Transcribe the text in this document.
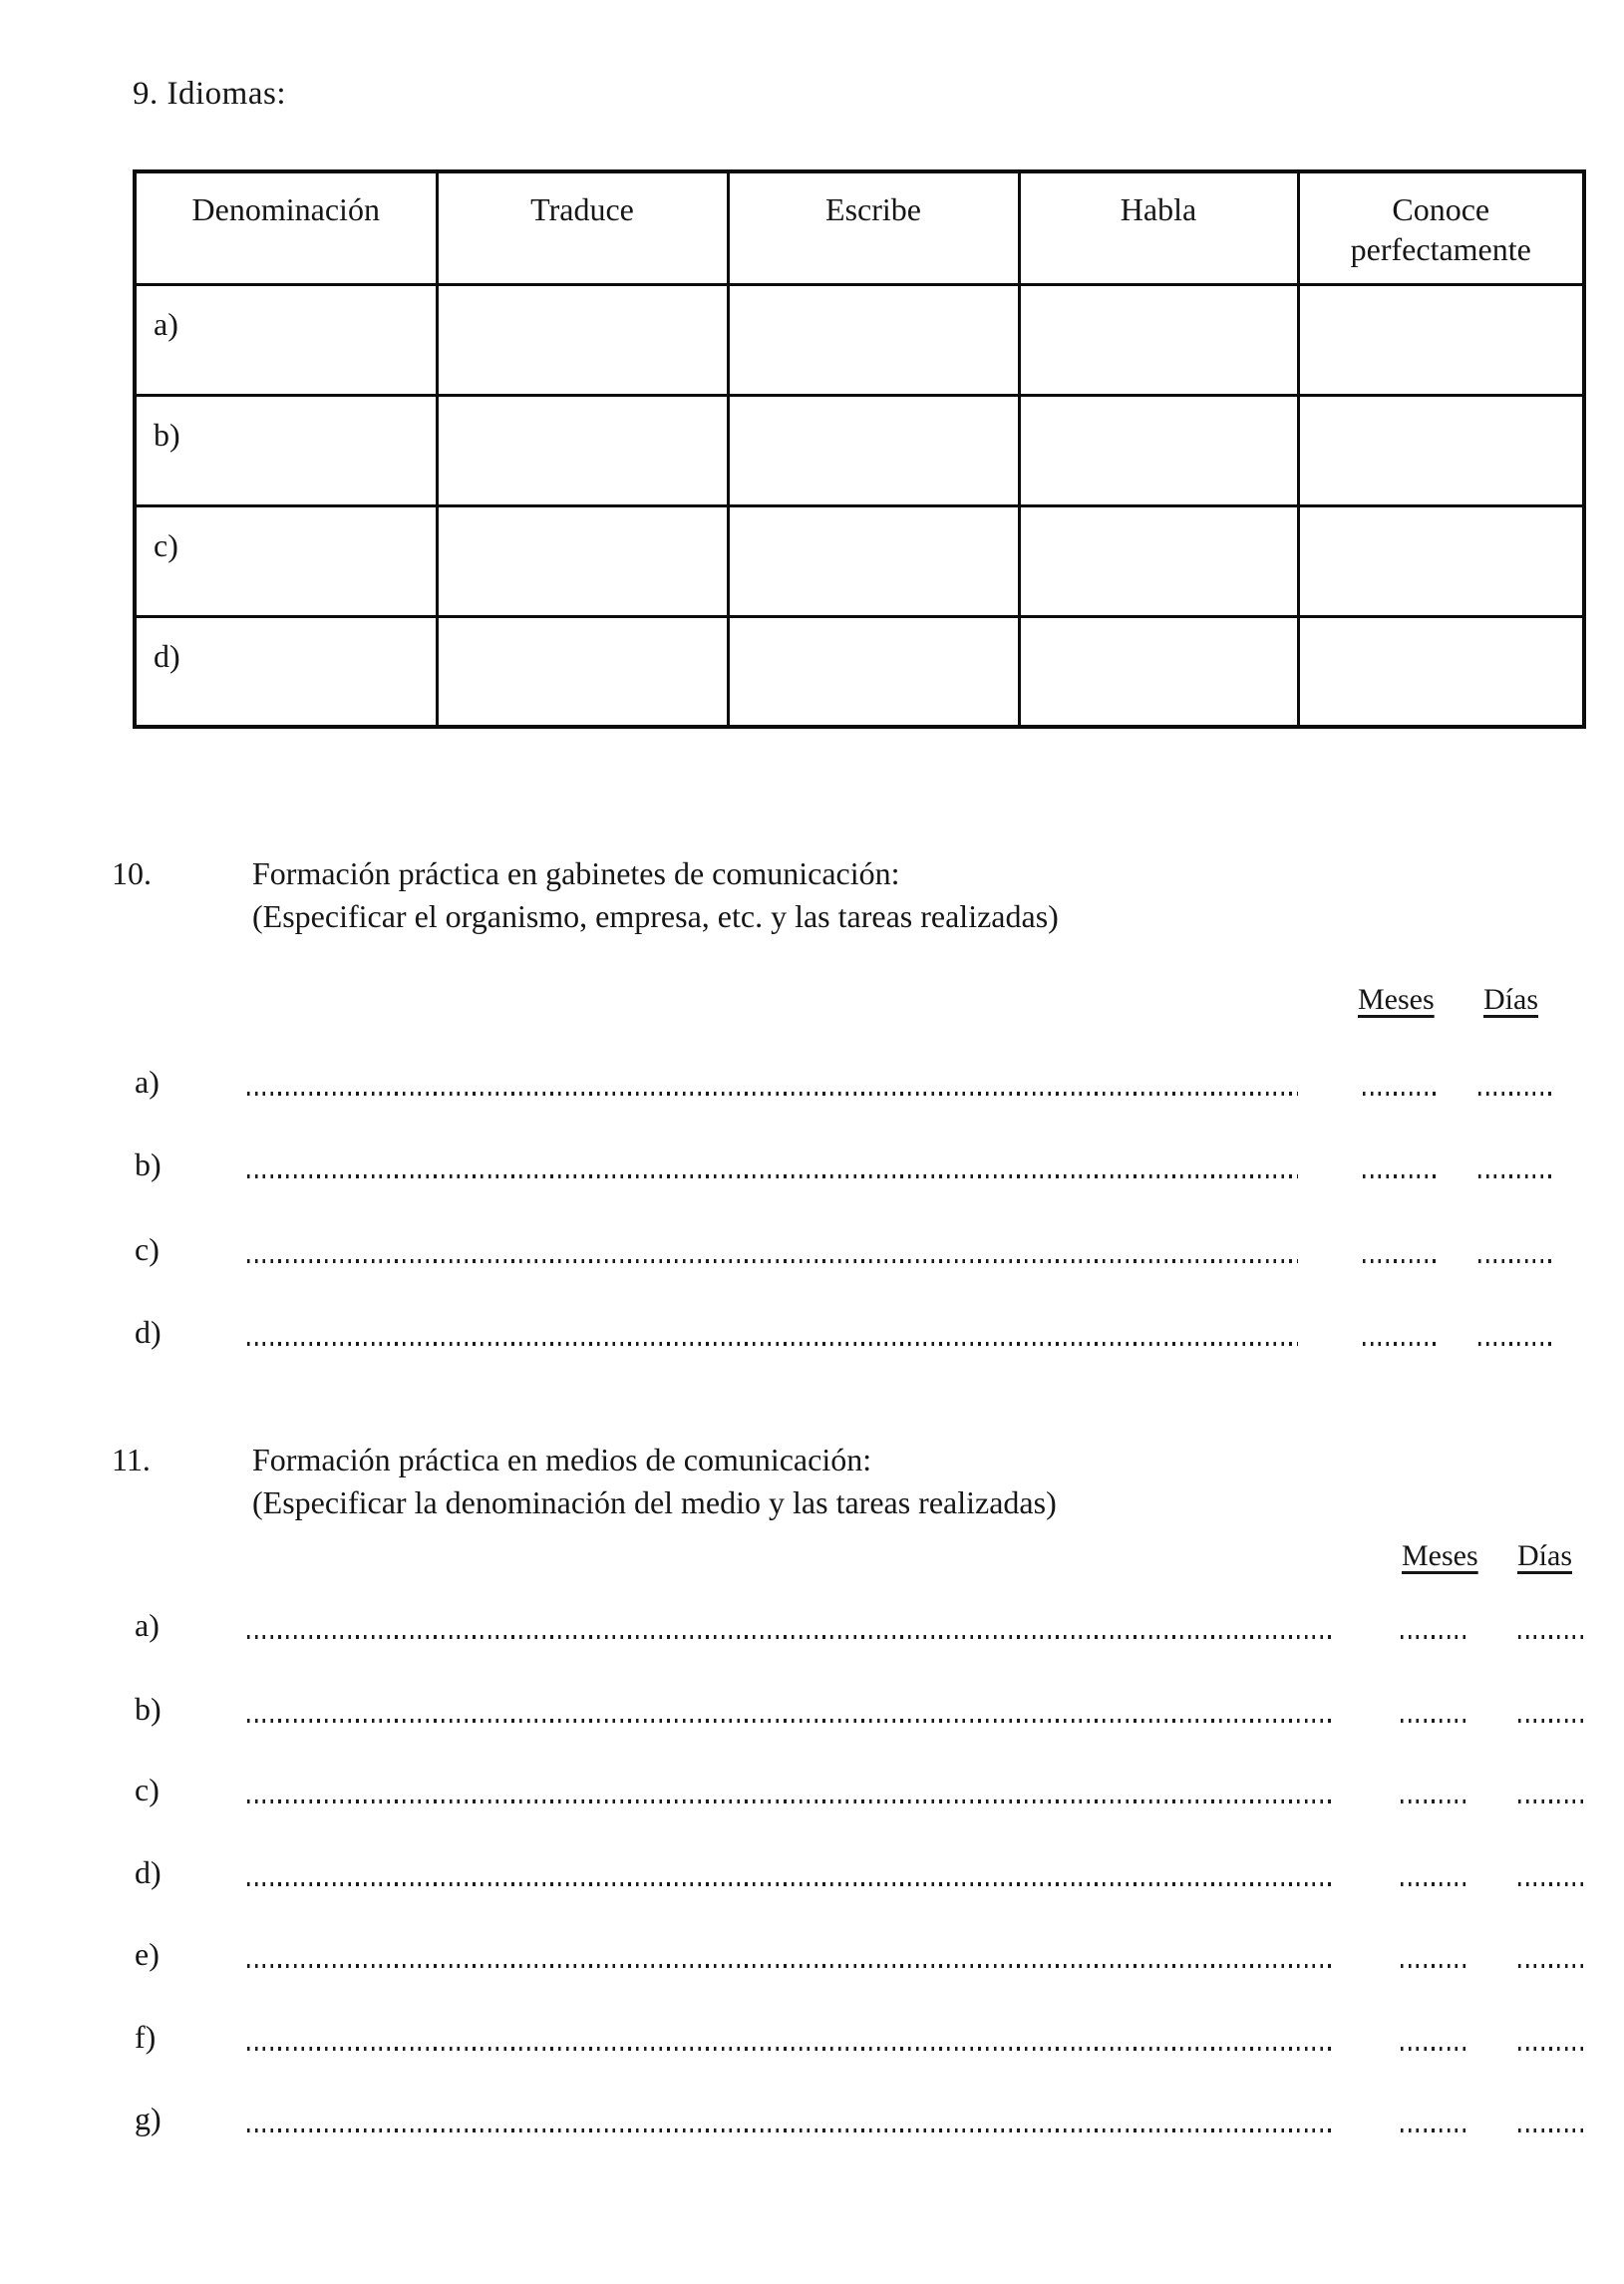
9. Idiomas:
Denominación	Traduce	Escribe	Habla	Conoce perfectamente
a)				
b)				
c)				
d)				
10.	Formación práctica en gabinetes de comunicación:
(Especificar el organismo, empresa, etc. y las tareas realizadas)
Meses Días
a)
b)
c)
d)
11.	Formación práctica en medios de comunicación:
(Especificar la denominación del medio y las tareas realizadas)
Meses Días
a)
b)
c)
d)
e)
f)
g)
